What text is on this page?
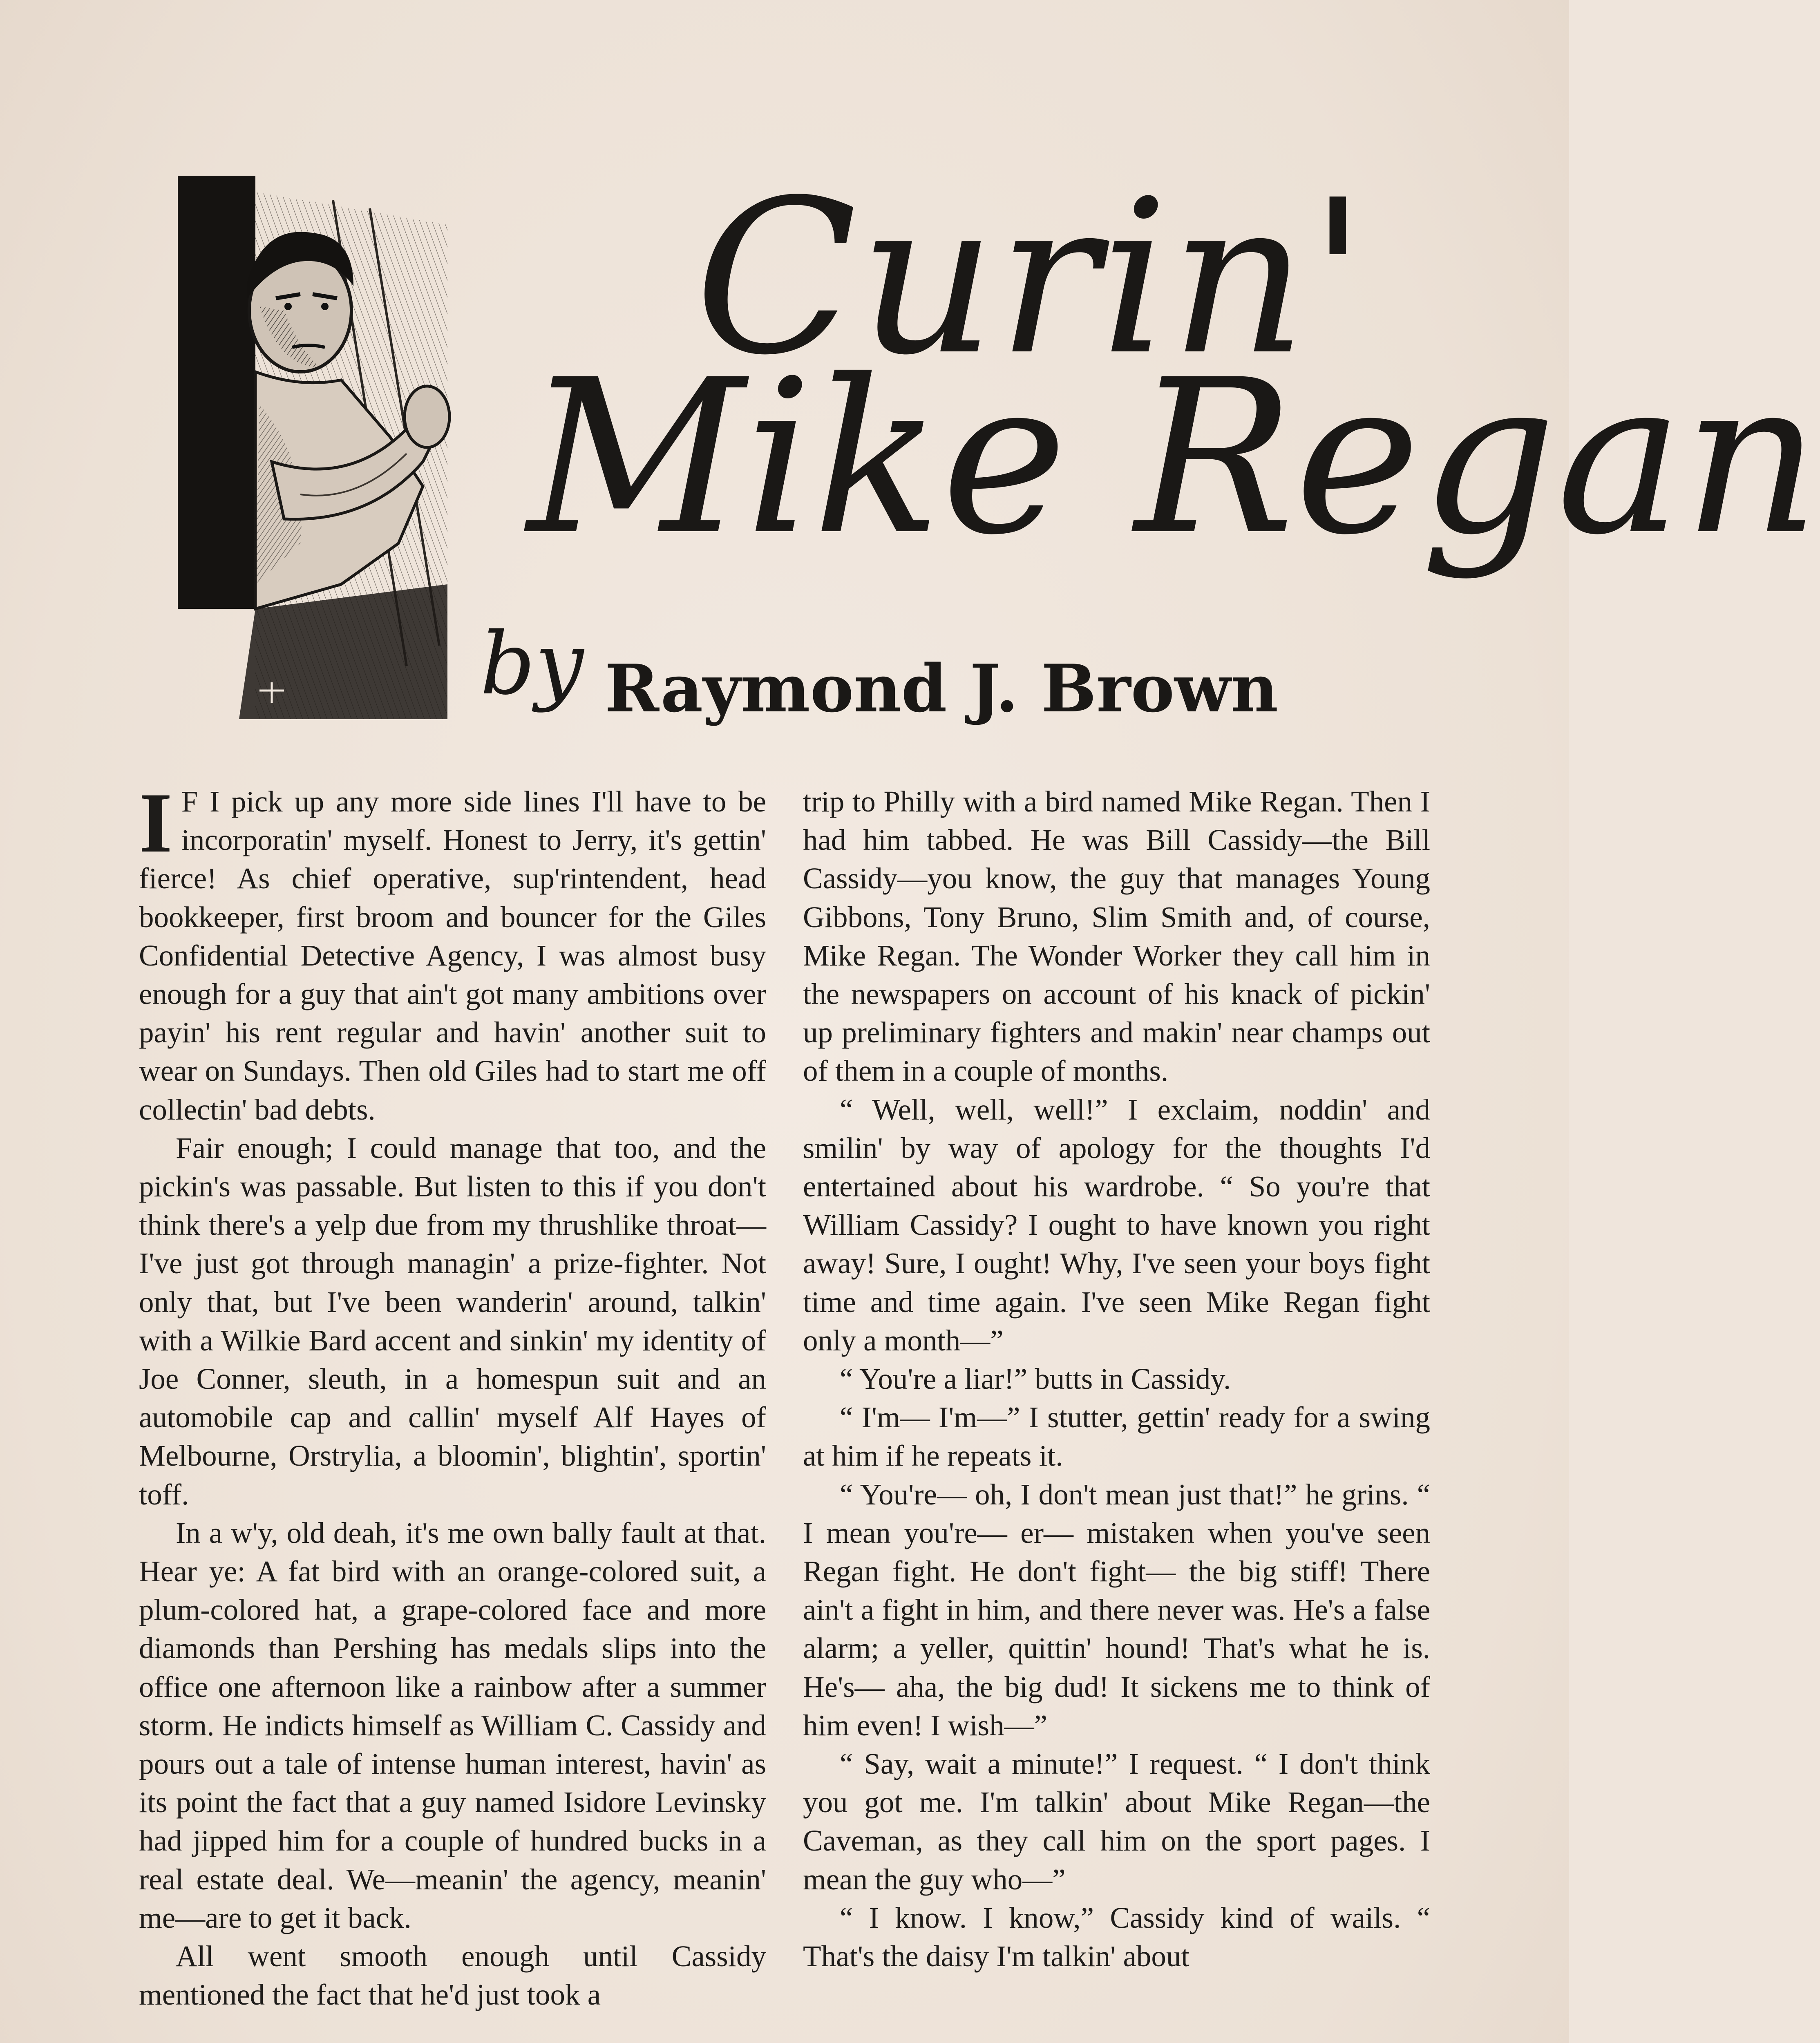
Curin'
Mike Regan
by Raymond J. Brown

I F I pick up any more side lines I'll have to be incorporatin' myself. Honest to Jerry, it's gettin' fierce! As chief operative, sup'rintendent, head bookkeeper, first broom and bouncer for the Giles Confidential Detective Agency, I was almost busy enough for a guy that ain't got many ambitions over payin' his rent regular and havin' another suit to wear on Sundays. Then old Giles had to start me off collectin' bad debts.

Fair enough; I could manage that too, and the pickin's was passable. But listen to this if you don't think there's a yelp due from my thrushlike throat—I've just got through managin' a prize-fighter. Not only that, but I've been wanderin' around, talkin' with a Wilkie Bard accent and sinkin' my identity of Joe Conner, sleuth, in a homespun suit and an automobile cap and callin' myself Alf Hayes of Melbourne, Orstrylia, a bloomin', blightin', sportin' toff.

In a w'y, old deah, it's me own bally fault at that. Hear ye: A fat bird with an orange-colored suit, a plum-colored hat, a grape-colored face and more diamonds than Pershing has medals slips into the office one afternoon like a rainbow after a summer storm. He indicts himself as William C. Cassidy and pours out a tale of intense human interest, havin' as its point the fact that a guy named Isidore Levinsky had jipped him for a couple of hundred bucks in a real estate deal. We—meanin' the agency, meanin' me—are to get it back.

All went smooth enough until Cassidy mentioned the fact that he'd just took a

trip to Philly with a bird named Mike Regan. Then I had him tabbed. He was Bill Cassidy—the Bill Cassidy—you know, the guy that manages Young Gibbons, Tony Bruno, Slim Smith and, of course, Mike Regan. The Wonder Worker they call him in the newspapers on account of his knack of pickin' up preliminary fighters and makin' near champs out of them in a couple of months.

“ Well, well, well!” I exclaim, noddin' and smilin' by way of apology for the thoughts I'd entertained about his wardrobe. “ So you're that William Cassidy? I ought to have known you right away! Sure, I ought! Why, I've seen your boys fight time and time again. I've seen Mike Regan fight only a month—”

“ You're a liar!” butts in Cassidy.

“ I'm— I'm—” I stutter, gettin' ready for a swing at him if he repeats it.

“ You're— oh, I don't mean just that!” he grins. “ I mean you're— er— mistaken when you've seen Regan fight. He don't fight— the big stiff! There ain't a fight in him, and there never was. He's a false alarm; a yeller, quittin' hound! That's what he is. He's— aha, the big dud! It sickens me to think of him even! I wish—”

“ Say, wait a minute!” I request. “ I don't think you got me. I'm talkin' about Mike Regan—the Caveman, as they call him on the sport pages. I mean the guy who—”

“ I know. I know,” Cassidy kind of wails. “ That's the daisy I'm talkin' about
